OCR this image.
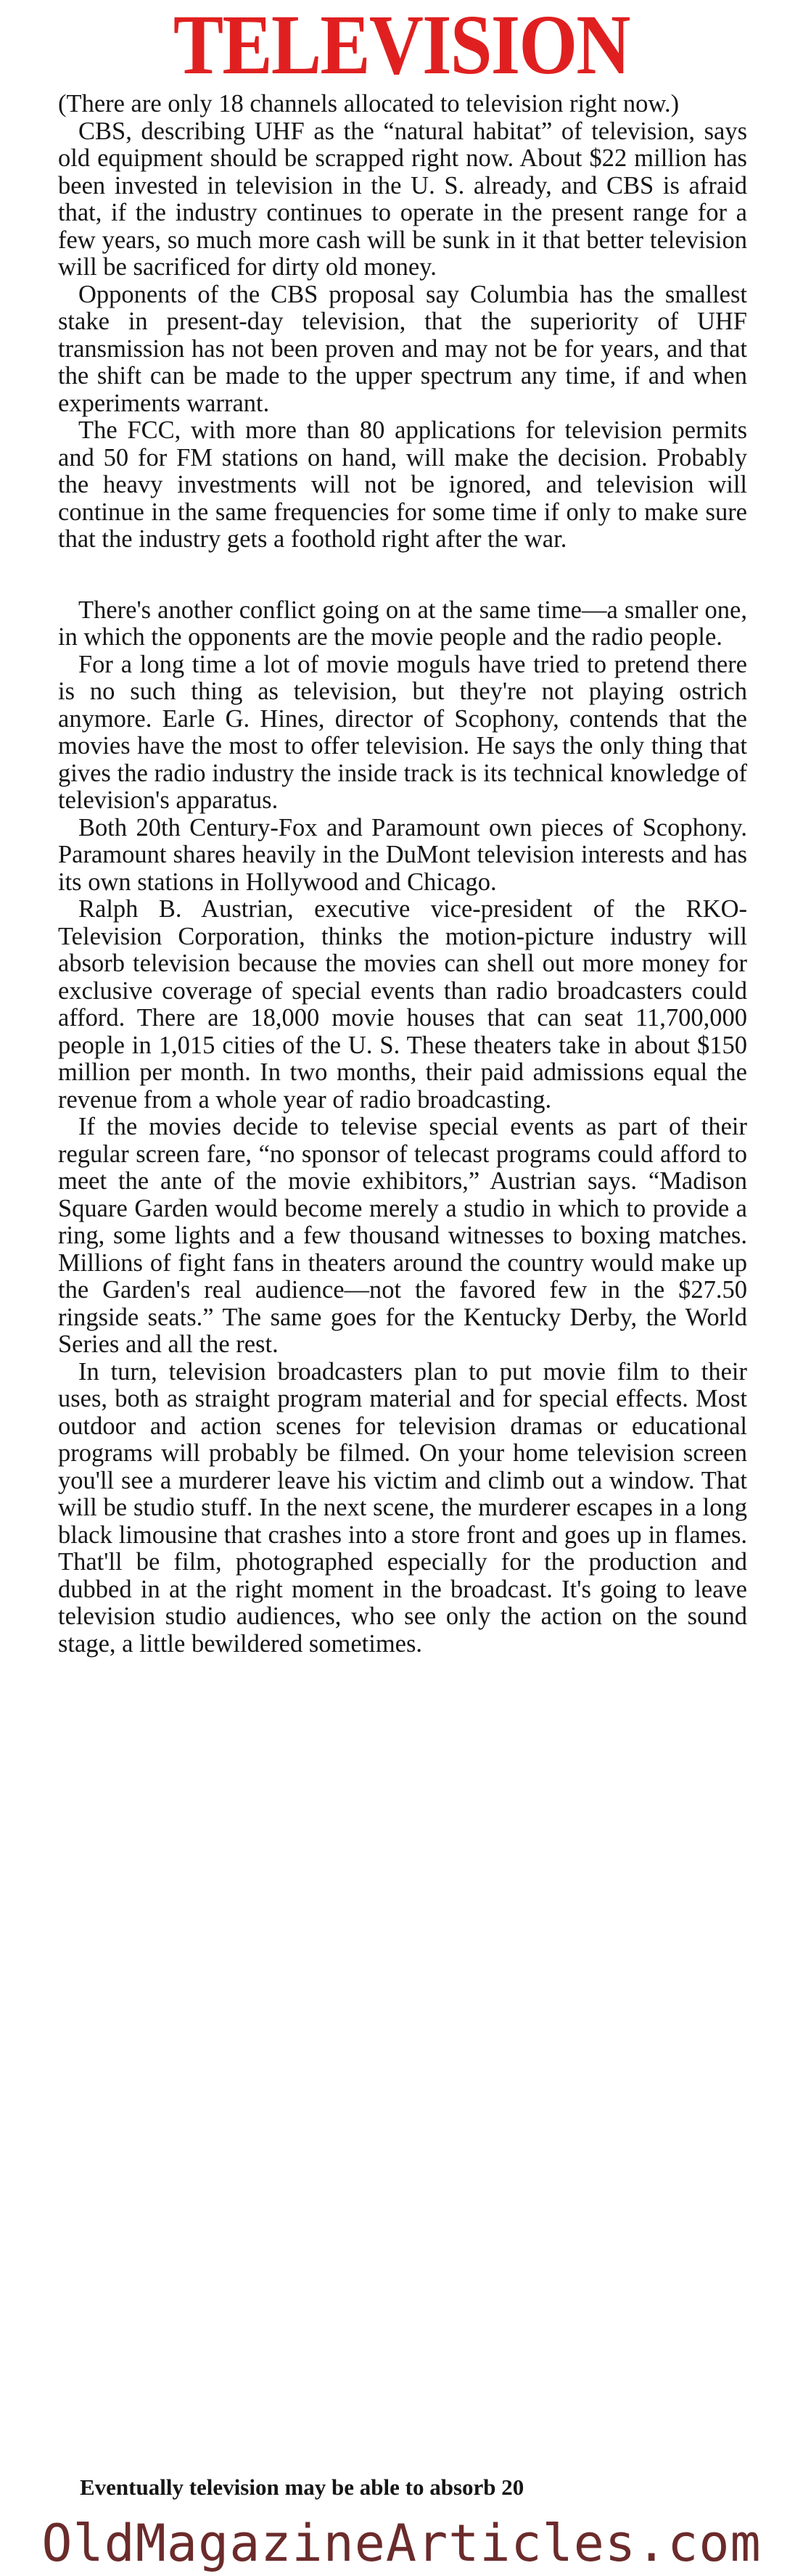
TELEVISION

(There are only 18 channels allocated to television right now.)

CBS, describing UHF as the “natural habitat” of television, says old equipment should be scrapped right now. About $22 million has been invested in television in the U. S. already, and CBS is afraid that, if the industry continues to operate in the present range for a few years, so much more cash will be sunk in it that better television will be sacrificed for dirty old money.

Opponents of the CBS proposal say Columbia has the smallest stake in present-day television, that the superiority of UHF transmission has not been proven and may not be for years, and that the shift can be made to the upper spectrum any time, if and when experiments warrant.

The FCC, with more than 80 applications for television permits and 50 for FM stations on hand, will make the decision. Probably the heavy investments will not be ignored, and television will continue in the same frequencies for some time if only to make sure that the industry gets a foothold right after the war.

There's another conflict going on at the same time—a smaller one, in which the opponents are the movie people and the radio people.

For a long time a lot of movie moguls have tried to pretend there is no such thing as television, but they're not playing ostrich anymore. Earle G. Hines, director of Scophony, contends that the movies have the most to offer television. He says the only thing that gives the radio industry the inside track is its technical knowledge of television's apparatus.

Both 20th Century-Fox and Paramount own pieces of Scophony. Paramount shares heavily in the DuMont television interests and has its own stations in Hollywood and Chicago.

Ralph B. Austrian, executive vice-president of the RKO-Television Corporation, thinks the motion-picture industry will absorb television because the movies can shell out more money for exclusive coverage of special events than radio broadcasters could afford. There are 18,000 movie houses that can seat 11,700,000 people in 1,015 cities of the U. S. These theaters take in about $150 million per month. In two months, their paid admissions equal the revenue from a whole year of radio broadcasting.

If the movies decide to televise special events as part of their regular screen fare, “no sponsor of telecast programs could afford to meet the ante of the movie exhibitors,” Austrian says. “Madison Square Garden would become merely a studio in which to provide a ring, some lights and a few thousand witnesses to boxing matches. Millions of fight fans in theaters around the country would make up the Garden's real audience—not the favored few in the $27.50 ringside seats.” The same goes for the Kentucky Derby, the World Series and all the rest.

In turn, television broadcasters plan to put movie film to their uses, both as straight program material and for special effects. Most outdoor and action scenes for television dramas or educational programs will probably be filmed. On your home television screen you'll see a murderer leave his victim and climb out a window. That will be studio stuff. In the next scene, the murderer escapes in a long black limousine that crashes into a store front and goes up in flames. That'll be film, photographed especially for the production and dubbed in at the right moment in the broadcast. It's going to leave television studio audiences, who see only the action on the sound stage, a little bewildered sometimes.

Eventually television may be able to absorb 20
OldMagazineArticles.com
